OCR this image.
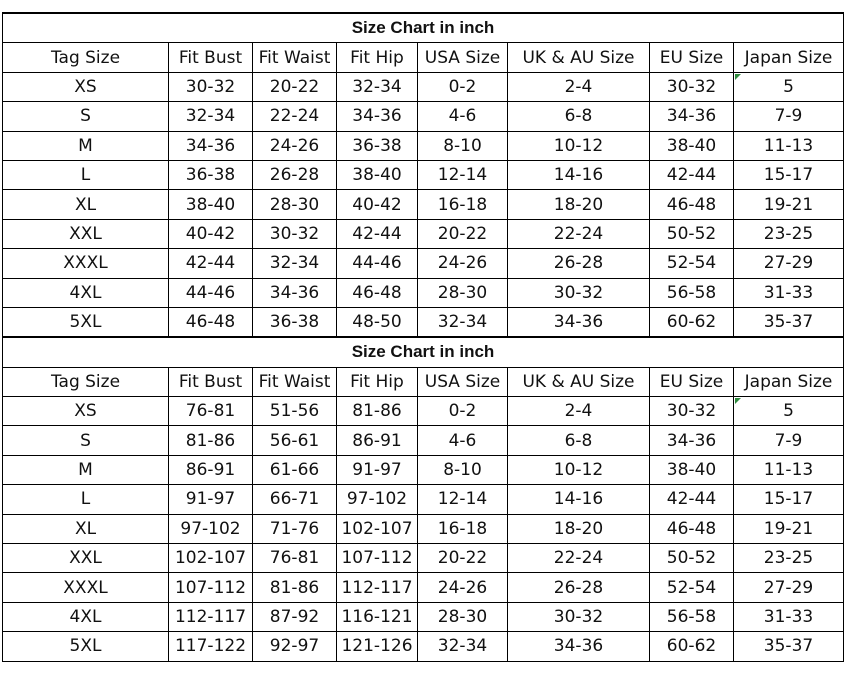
Size Chart in inch							
Tag Size	Fit Bust	Fit Waist	Fit Hip	USA Size	UK & AU Size	EU Size	Japan Size
XS	30-32	20-22	32-34	0-2	2-4	30-32	5
S	32-34	22-24	34-36	4-6	6-8	34-36	7-9
M	34-36	24-26	36-38	8-10	10-12	38-40	11-13
L	36-38	26-28	38-40	12-14	14-16	42-44	15-17
XL	38-40	28-30	40-42	16-18	18-20	46-48	19-21
XXL	40-42	30-32	42-44	20-22	22-24	50-52	23-25
XXXL	42-44	32-34	44-46	24-26	26-28	52-54	27-29
4XL	44-46	34-36	46-48	28-30	30-32	56-58	31-33
5XL	46-48	36-38	48-50	32-34	34-36	60-62	35-37
Size Chart in inch							
Tag Size	Fit Bust	Fit Waist	Fit Hip	USA Size	UK & AU Size	EU Size	Japan Size
XS	76-81	51-56	81-86	0-2	2-4	30-32	5
S	81-86	56-61	86-91	4-6	6-8	34-36	7-9
M	86-91	61-66	91-97	8-10	10-12	38-40	11-13
L	91-97	66-71	97-102	12-14	14-16	42-44	15-17
XL	97-102	71-76	102-107	16-18	18-20	46-48	19-21
XXL	102-107	76-81	107-112	20-22	22-24	50-52	23-25
XXXL	107-112	81-86	112-117	24-26	26-28	52-54	27-29
4XL	112-117	87-92	116-121	28-30	30-32	56-58	31-33
5XL	117-122	92-97	121-126	32-34	34-36	60-62	35-37
